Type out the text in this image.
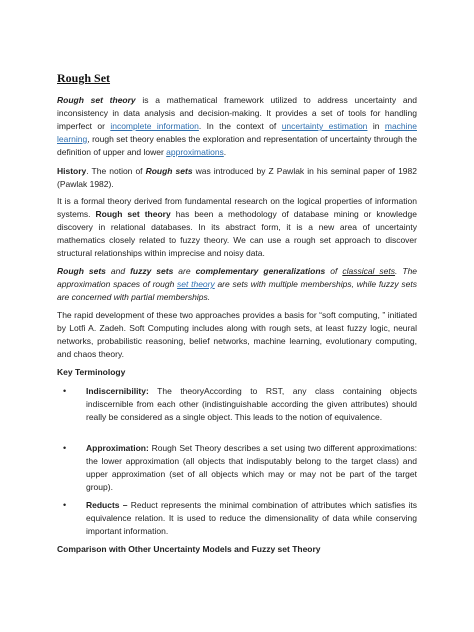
Rough Set

Rough set theory is a mathematical framework utilized to address uncertainty and inconsistency in data analysis and decision-making. It provides a set of tools for handling imperfect or incomplete information. In the context of uncertainty estimation in machine learning, rough set theory enables the exploration and representation of uncertainty through the definition of upper and lower approximations.

History. The notion of Rough sets was introduced by Z Pawlak in his seminal paper of 1982 (Pawlak 1982).

It is a formal theory derived from fundamental research on the logical properties of information systems. Rough set theory has been a methodology of database mining or knowledge discovery in relational databases. In its abstract form, it is a new area of uncertainty mathematics closely related to fuzzy theory. We can use a rough set approach to discover structural relationships within imprecise and noisy data.

Rough sets and fuzzy sets are complementary generalizations of classical sets. The approximation spaces of rough set theory are sets with multiple memberships, while fuzzy sets are concerned with partial memberships.

The rapid development of these two approaches provides a basis for “soft computing, ” initiated by Lotfi A. Zadeh. Soft Computing includes along with rough sets, at least fuzzy logic, neural networks, probabilistic reasoning, belief networks, machine learning, evolutionary computing, and chaos theory.

Key Terminology

•	Indiscernibility: The theoryAccording to RST, any class containing objects indiscernible from each other (indistinguishable according the given attributes) should really be considered as a single object. This leads to the notion of equivalence.

•	Approximation: Rough Set Theory describes a set using two different approximations: the lower approximation (all objects that indisputably belong to the target class) and upper approximation (set of all objects which may or may not be part of the target group).

•	Reducts – Reduct represents the minimal combination of attributes which satisfies its equivalence relation. It is used to reduce the dimensionality of data while conserving important information.

Comparison with Other Uncertainty Models and Fuzzy set Theory
